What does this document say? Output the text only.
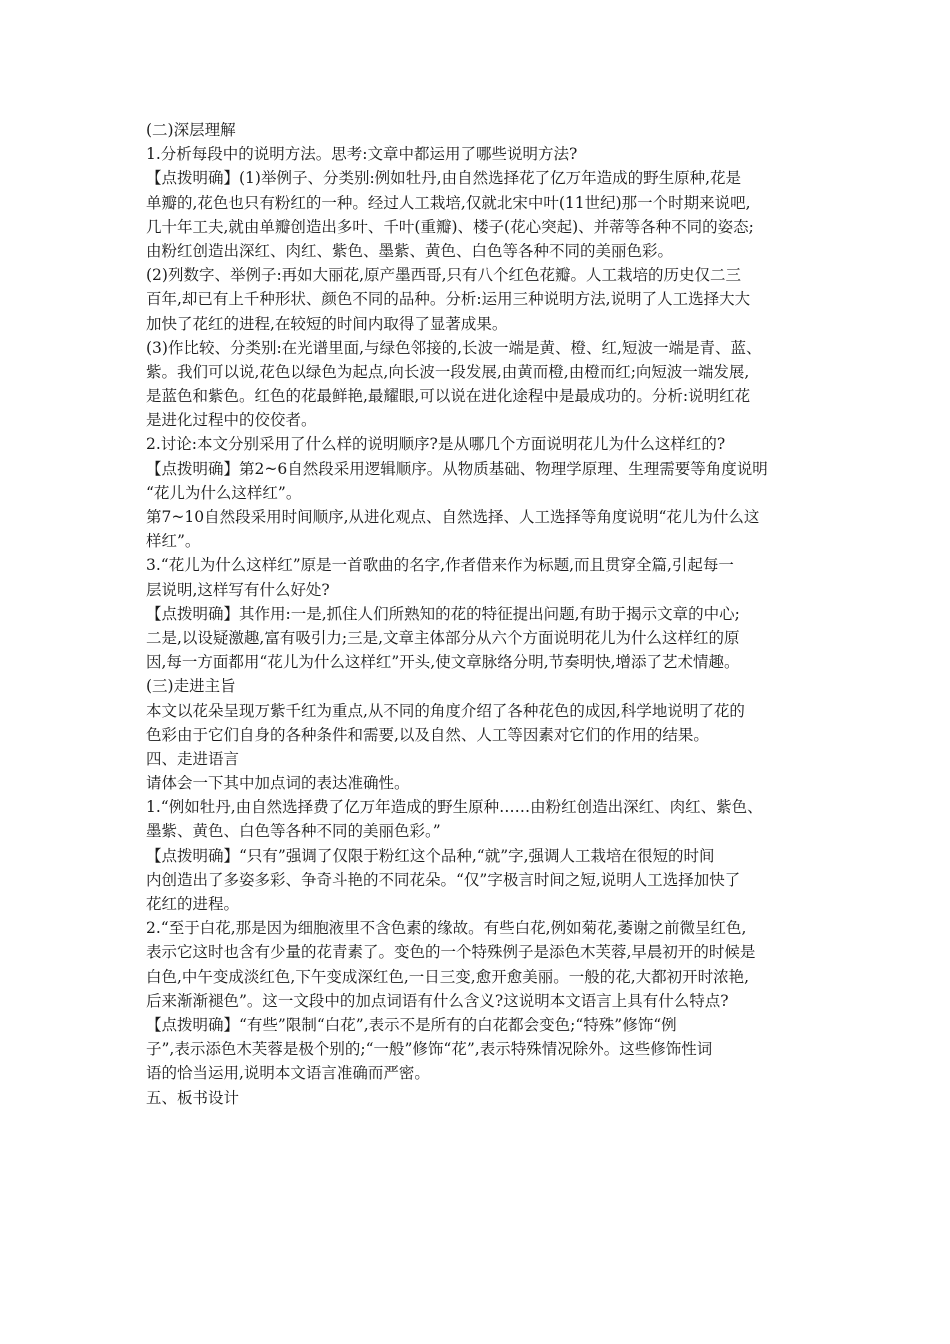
(二)深层理解
1.分析每段中的说明方法。思考:文章中都运用了哪些说明方法?
【点拨明确】(1)举例子、分类别:例如牡丹,由自然选择花了亿万年造成的野生原种,花是
单瓣的,花色也只有粉红的一种。经过人工栽培,仅就北宋中叶(11世纪)那一个时期来说吧,
几十年工夫,就由单瓣创造出多叶、千叶(重瓣)、楼子(花心突起)、并蒂等各种不同的姿态;
由粉红创造出深红、肉红、紫色、墨紫、黄色、白色等各种不同的美丽色彩。
(2)列数字、举例子:再如大丽花,原产墨西哥,只有八个红色花瓣。人工栽培的历史仅二三
百年,却已有上千种形状、颜色不同的品种。分析:运用三种说明方法,说明了人工选择大大
加快了花红的进程,在较短的时间内取得了显著成果。
(3)作比较、分类别:在光谱里面,与绿色邻接的,长波一端是黄、橙、红,短波一端是青、蓝、
紫。我们可以说,花色以绿色为起点,向长波一段发展,由黄而橙,由橙而红;向短波一端发展,
是蓝色和紫色。红色的花最鲜艳,最耀眼,可以说在进化途程中是最成功的。分析:说明红花
是进化过程中的佼佼者。
2.讨论:本文分别采用了什么样的说明顺序?是从哪几个方面说明花儿为什么这样红的?
【点拨明确】第2~6自然段采用逻辑顺序。从物质基础、物理学原理、生理需要等角度说明
“花儿为什么这样红”。
第7~10自然段采用时间顺序,从进化观点、自然选择、人工选择等角度说明“花儿为什么这
样红”。
3.“花儿为什么这样红”原是一首歌曲的名字,作者借来作为标题,而且贯穿全篇,引起每一
层说明,这样写有什么好处?
【点拨明确】其作用:一是,抓住人们所熟知的花的特征提出问题,有助于揭示文章的中心;
二是,以设疑激趣,富有吸引力;三是,文章主体部分从六个方面说明花儿为什么这样红的原
因,每一方面都用“花儿为什么这样红”开头,使文章脉络分明,节奏明快,增添了艺术情趣。
(三)走进主旨
本文以花朵呈现万紫千红为重点,从不同的角度介绍了各种花色的成因,科学地说明了花的
色彩由于它们自身的各种条件和需要,以及自然、人工等因素对它们的作用的结果。
四、走进语言
请体会一下其中加点词的表达准确性。
1.“例如牡丹,由自然选择费了亿万年造成的野生原种……由粉红创造出深红、肉红、紫色、
墨紫、黄色、白色等各种不同的美丽色彩。”
【点拨明确】“只有”强调了仅限于粉红这个品种,“就”字,强调人工栽培在很短的时间
内创造出了多姿多彩、争奇斗艳的不同花朵。“仅”字极言时间之短,说明人工选择加快了
花红的进程。
2.“至于白花,那是因为细胞液里不含色素的缘故。有些白花,例如菊花,萎谢之前微呈红色,
表示它这时也含有少量的花青素了。变色的一个特殊例子是添色木芙蓉,早晨初开的时候是
白色,中午变成淡红色,下午变成深红色,一日三变,愈开愈美丽。一般的花,大都初开时浓艳,
后来渐渐褪色”。这一文段中的加点词语有什么含义?这说明本文语言上具有什么特点?
【点拨明确】“有些”限制“白花”,表示不是所有的白花都会变色;“特殊”修饰“例
子”,表示添色木芙蓉是极个别的;“一般”修饰“花”,表示特殊情况除外。这些修饰性词
语的恰当运用,说明本文语言准确而严密。
五、板书设计
